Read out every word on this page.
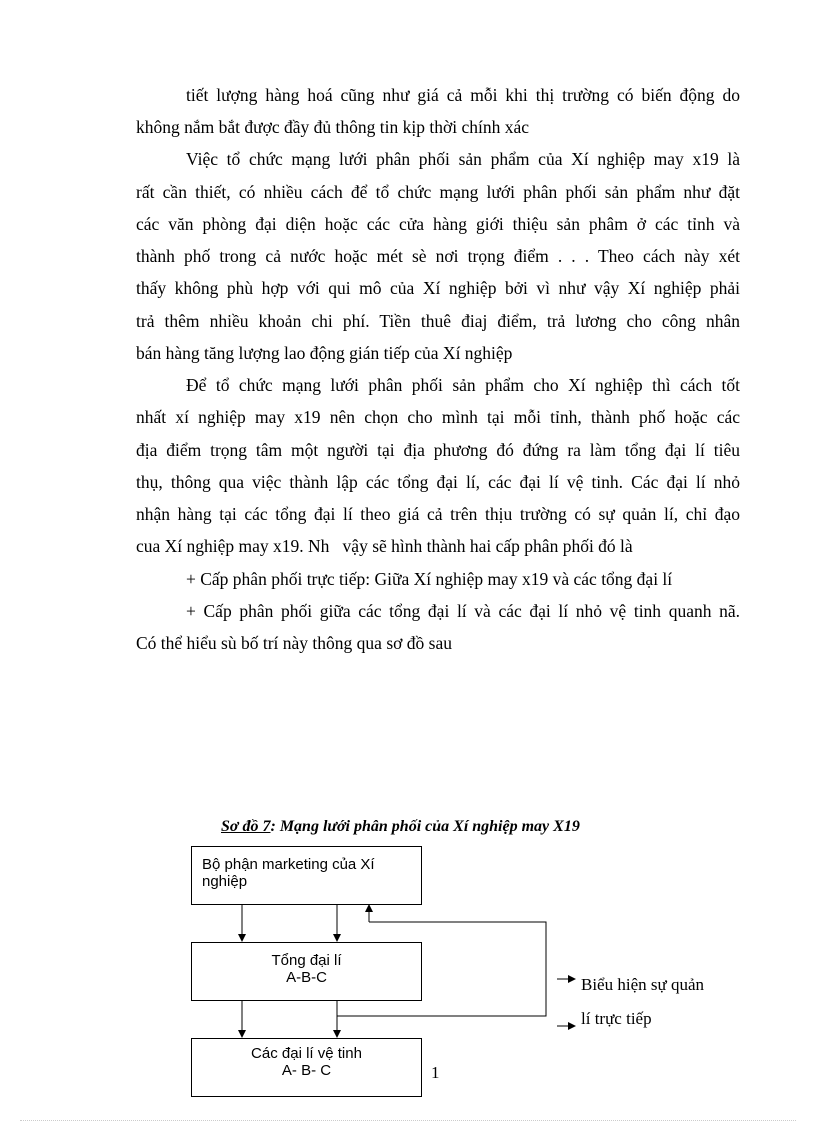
tiết lượng hàng hoá cũng như giá cả mỗi khi thị trường có biến động do
không nắm bắt được đầy đủ thông tin kịp thời chính xác
Việc tổ chức mạng lưới phân phối sản phẩm của Xí nghiệp may x19 là
rất cần thiết, có nhiều cách để tổ chức mạng lưới phân phối sản phẩm như đặt
các văn phòng đại diện hoặc các cửa hàng giới thiệu sản phâm ở các tỉnh và
thành phố trong cả nước hoặc mét sè nơi trọng điểm . . . Theo cách này xét
thấy không phù hợp với qui mô của Xí nghiệp bởi vì như vậy Xí nghiệp phải
trả thêm nhiều khoản chi phí. Tiền thuê điaj điểm, trả lương cho công nhân
bán hàng tăng lượng lao động gián tiếp của Xí nghiệp
Để tổ chức mạng lưới phân phối sản phẩm cho Xí nghiệp thì cách tốt
nhất xí nghiệp may x19 nên chọn cho mình tại mỗi tỉnh, thành phố hoặc các
địa điểm trọng tâm một người tại địa phương đó đứng ra làm tổng đại lí tiêu
thụ, thông qua việc thành lập các tổng đại lí, các đại lí vệ tinh. Các đại lí nhỏ
nhận hàng tại các tổng đại lí theo giá cả trên thịu trường có sự quản lí, chỉ đạo
cua Xí nghiệp may x19. Nh   vậy sẽ hình thành hai cấp phân phối đó là
+ Cấp phân phối trực tiếp: Giữa Xí nghiệp may x19 và các tổng đại lí
+ Cấp phân phối giữa các tổng đại lí và các đại lí nhỏ vệ tinh quanh nã.
Có thể hiểu sù bố trí này thông qua sơ đồ sau
Sơ đồ 7: Mạng lưới phân phối của Xí nghiệp may X19
Bộ phận marketing của Xí nghiệp
Tổng đại lí
A-B-C
Các đại lí vệ tinh
A- B- C
Biểu hiện sự quản
lí trực tiếp
1
